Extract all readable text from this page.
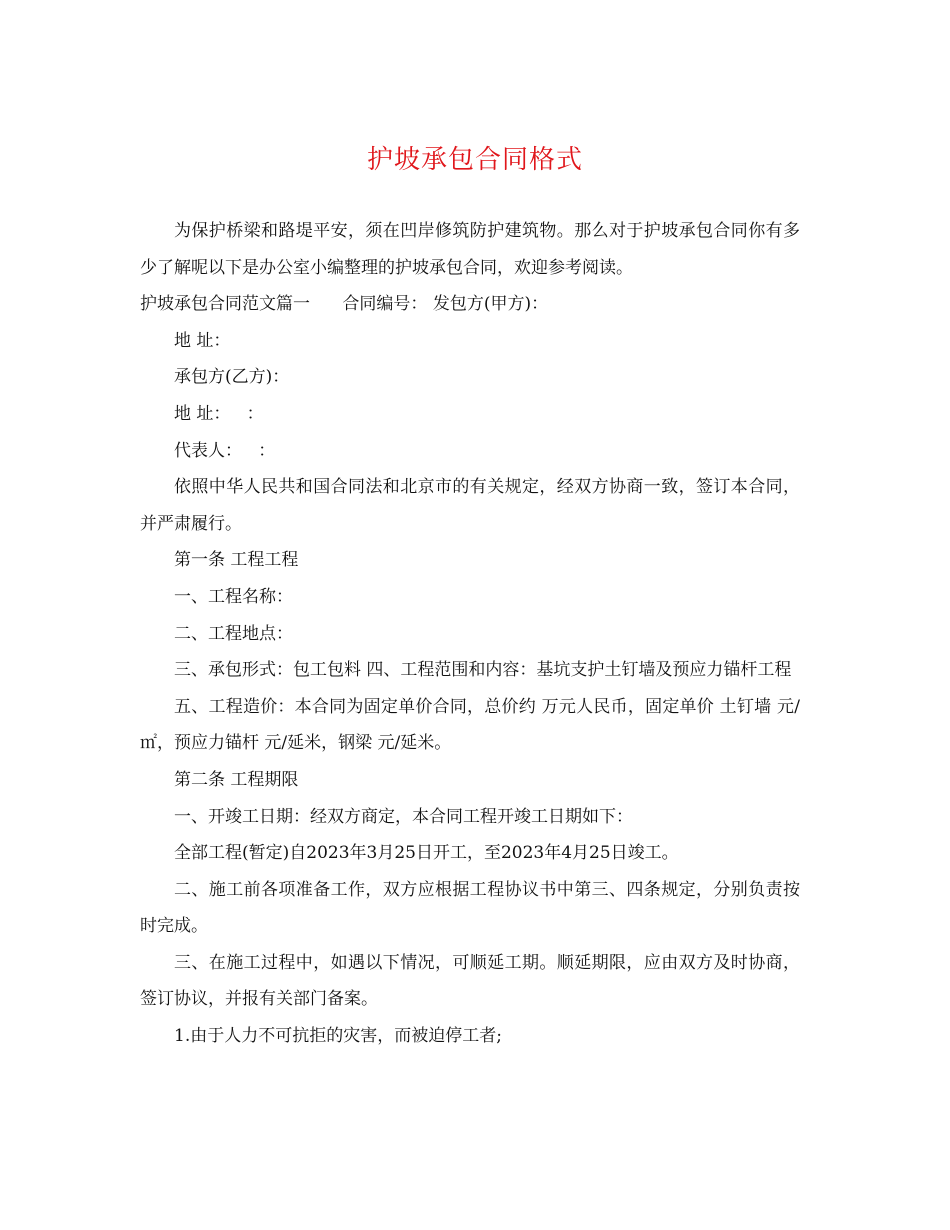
护坡承包合同格式

为保护桥梁和路堤平安，须在凹岸修筑防护建筑物。那么对于护坡承包合同你有多少了解呢以下是办公室小编整理的护坡承包合同，欢迎参考阅读。

护坡承包合同范文篇一      合同编号： 发包方(甲方)：

地 址：

承包方(乙方)：

地 址：   ：

代表人：   ：

依照中华人民共和国合同法和北京市的有关规定，经双方协商一致，签订本合同，并严肃履行。

第一条 工程工程

一、工程名称：

二、工程地点：

三、承包形式：包工包料 四、工程范围和内容：基坑支护土钉墙及预应力锚杆工程

五、工程造价：本合同为固定单价合同，总价约 万元人民币，固定单价 土钉墙 元/㎡，预应力锚杆 元/延米，钢梁 元/延米。

第二条 工程期限

一、开竣工日期：经双方商定，本合同工程开竣工日期如下：

全部工程(暂定)自2023年3月25日开工，至2023年4月25日竣工。

二、施工前各项准备工作，双方应根据工程协议书中第三、四条规定，分别负责按时完成。

三、在施工过程中，如遇以下情况，可顺延工期。顺延期限，应由双方及时协商，签订协议，并报有关部门备案。

1.由于人力不可抗拒的灾害，而被迫停工者;
